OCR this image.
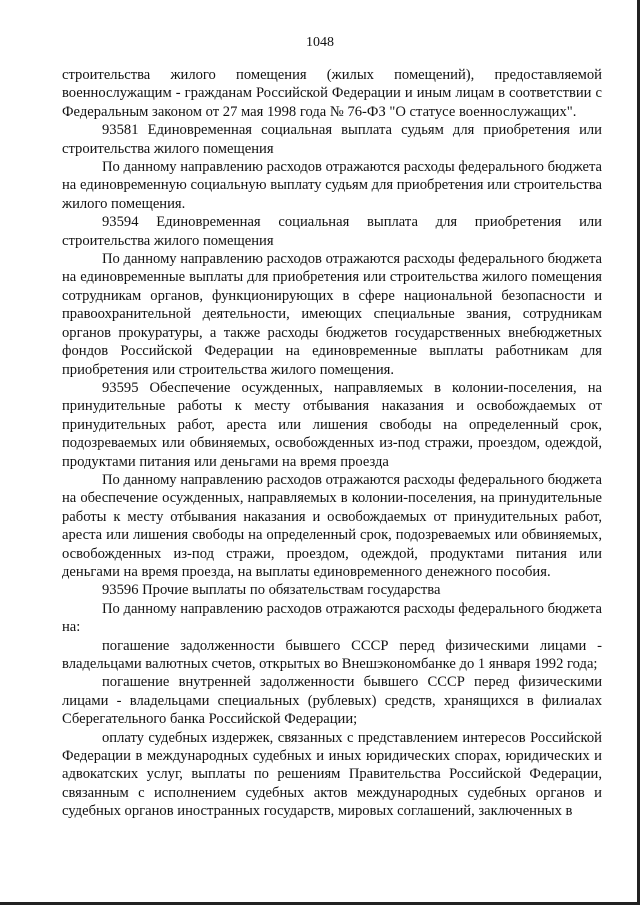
1048

строительства жилого помещения (жилых помещений), предоставляемой военнослужащим - гражданам Российской Федерации и иным лицам в соответствии с Федеральным законом от 27 мая 1998 года № 76-ФЗ "О статусе военнослужащих".

93581 Единовременная социальная выплата судьям для приобретения или строительства жилого помещения

По данному направлению расходов отражаются расходы федерального бюджета на единовременную социальную выплату судьям для приобретения или строительства жилого помещения.

93594 Единовременная социальная выплата для приобретения или строительства жилого помещения

По данному направлению расходов отражаются расходы федерального бюджета на единовременные выплаты для приобретения или строительства жилого помещения сотрудникам органов, функционирующих в сфере национальной безопасности и правоохранительной деятельности, имеющих специальные звания, сотрудникам органов прокуратуры, а также расходы бюджетов государственных внебюджетных фондов Российской Федерации на единовременные выплаты работникам для приобретения или строительства жилого помещения.

93595 Обеспечение осужденных, направляемых в колонии-поселения, на принудительные работы к месту отбывания наказания и освобождаемых от принудительных работ, ареста или лишения свободы на определенный срок, подозреваемых или обвиняемых, освобожденных из-под стражи, проездом, одеждой, продуктами питания или деньгами на время проезда

По данному направлению расходов отражаются расходы федерального бюджета на обеспечение осужденных, направляемых в колонии-поселения, на принудительные работы к месту отбывания наказания и освобождаемых от принудительных работ, ареста или лишения свободы на определенный срок, подозреваемых или обвиняемых, освобожденных из-под стражи, проездом, одеждой, продуктами питания или деньгами на время проезда, на выплаты единовременного денежного пособия.

93596 Прочие выплаты по обязательствам государства

По данному направлению расходов отражаются расходы федерального бюджета на:

погашение задолженности бывшего СССР перед физическими лицами - владельцами валютных счетов, открытых во Внешэкономбанке до 1 января 1992 года;

погашение внутренней задолженности бывшего СССР перед физическими лицами - владельцами специальных (рублевых) средств, хранящихся в филиалах Сберегательного банка Российской Федерации;

оплату судебных издержек, связанных с представлением интересов Российской Федерации в международных судебных и иных юридических спорах, юридических и адвокатских услуг, выплаты по решениям Правительства Российской Федерации, связанным с исполнением судебных актов международных судебных органов и судебных органов иностранных государств, мировых соглашений, заключенных в
